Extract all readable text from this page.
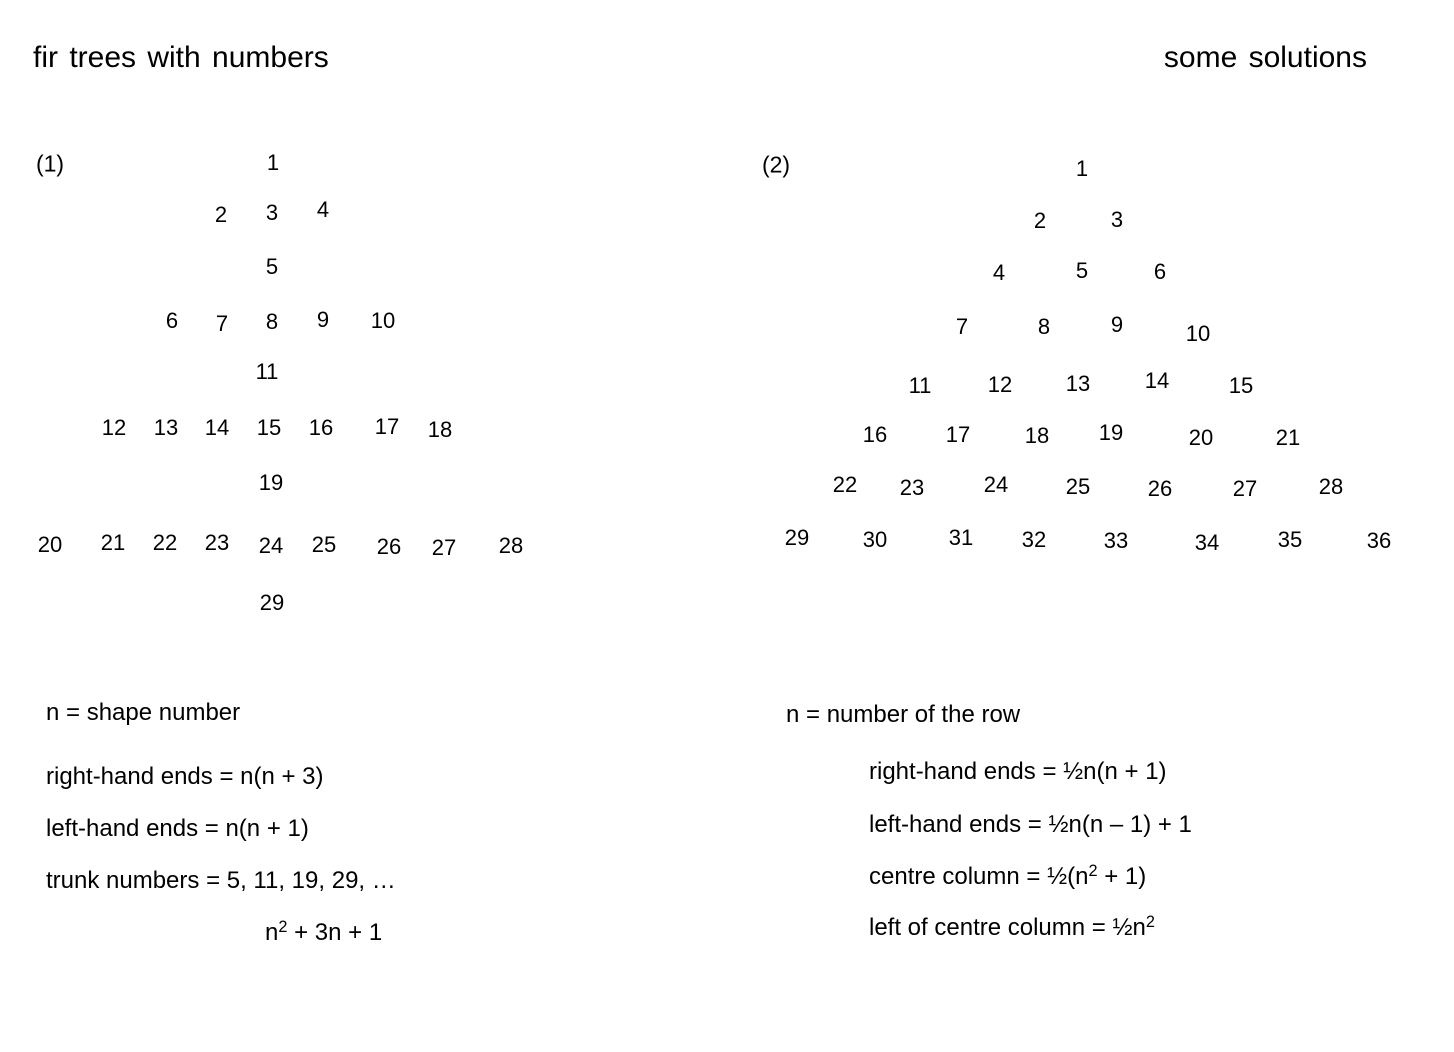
fir trees with numbers	some solutions
(1)	(2)
1
2 3 4
5
6 7 8 9 10
11
12 13 14 15 16 17 18
19
20 21 22 23 24 25 26 27 28
29
1
2	3
4	5	6
7	8	9	10
11	12 13 14	15
16	17 18 19	20	21
22 23	24	25	26	27	28
29 30	31 32	33	34	35	36
n = shape number
right-hand ends = n(n + 3)
left-hand ends = n(n + 1)
trunk numbers = 5, 11, 19, 29, …
$n^2 + 3n + 1$
n = number of the row
right-hand ends = ½n(n + 1)
left-hand ends = ½n(n – 1) + 1
centre column = $\frac{1}{2}(n^2 + 1)$
left of centre column = $\frac{1}{2}n^2$
